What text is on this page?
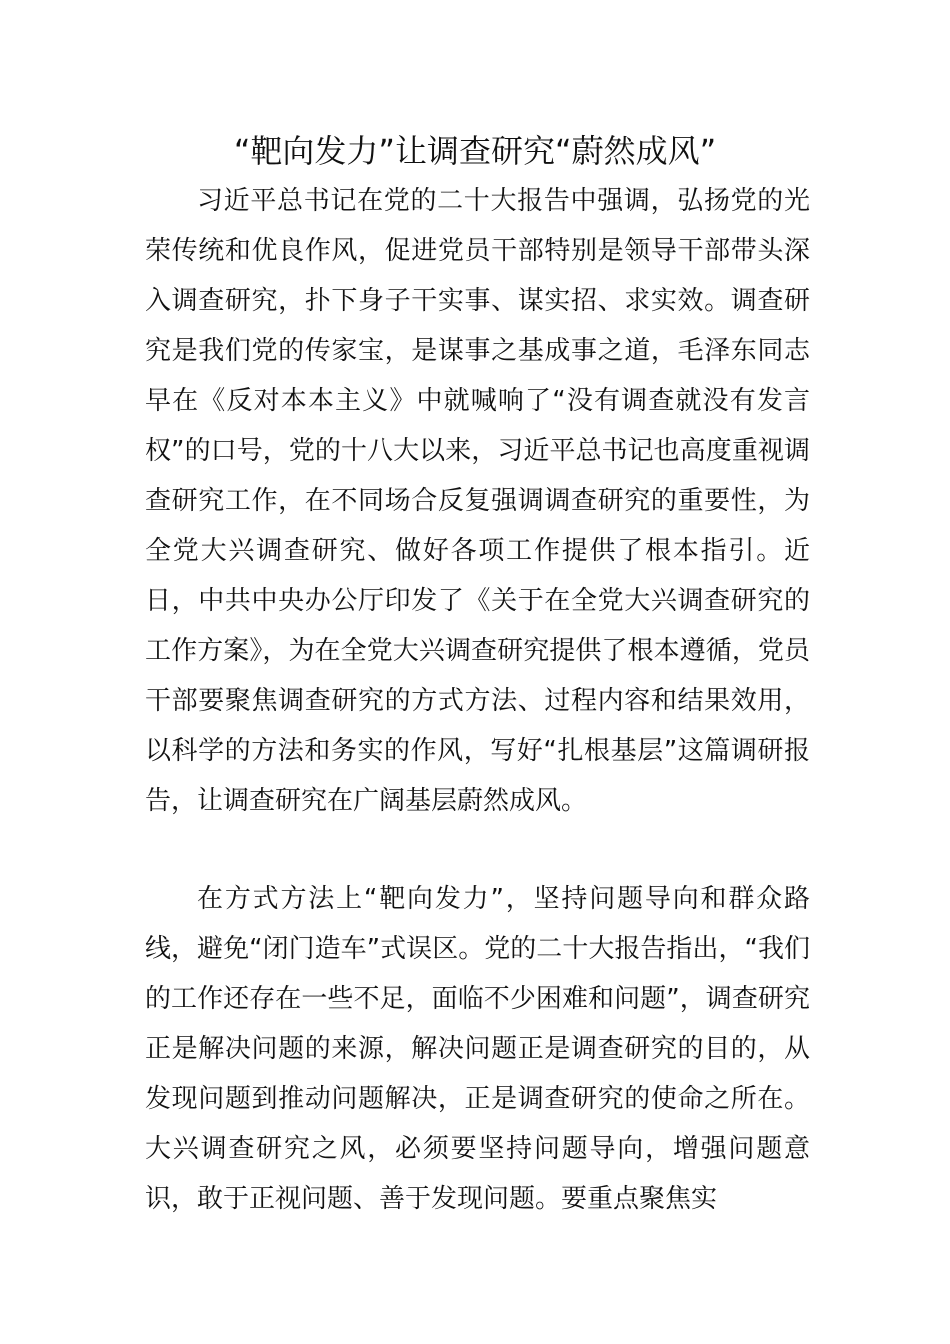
“靶向发力”让调查研究“蔚然成风”

习近平总书记在党的二十大报告中强调，弘扬党的光荣传统和优良作风，促进党员干部特别是领导干部带头深入调查研究，扑下身子干实事、谋实招、求实效。调查研究是我们党的传家宝，是谋事之基成事之道，毛泽东同志早在《反对本本主义》中就喊响了“没有调查就没有发言权”的口号，党的十八大以来，习近平总书记也高度重视调查研究工作，在不同场合反复强调调查研究的重要性，为全党大兴调查研究、做好各项工作提供了根本指引。近日，中共中央办公厅印发了《关于在全党大兴调查研究的工作方案》，为在全党大兴调查研究提供了根本遵循，党员干部要聚焦调查研究的方式方法、过程内容和结果效用，以科学的方法和务实的作风，写好“扎根基层”这篇调研报告，让调查研究在广阔基层蔚然成风。

在方式方法上“靶向发力”，坚持问题导向和群众路线，避免“闭门造车”式误区。党的二十大报告指出，“我们的工作还存在一些不足，面临不少困难和问题”，调查研究正是解决问题的来源，解决问题正是调查研究的目的，从发现问题到推动问题解决，正是调查研究的使命之所在。大兴调查研究之风，必须要坚持问题导向，增强问题意识，敢于正视问题、善于发现问题。要重点聚焦实
